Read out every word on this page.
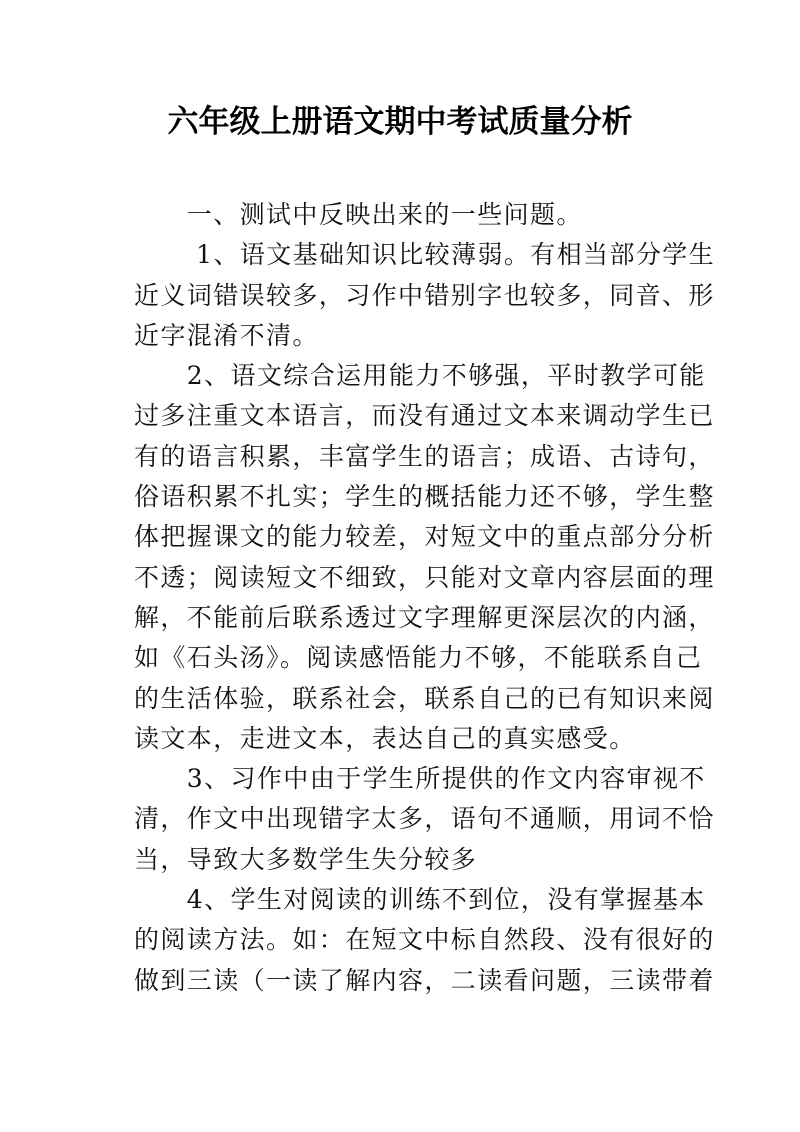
六年级上册语文期中考试质量分析
　　一、测试中反映出来的一些问题。
　　 1、语文基础知识比较薄弱。有相当部分学生
近义词错误较多，习作中错别字也较多，同音、形
近字混淆不清。
　　2、语文综合运用能力不够强，平时教学可能
过多注重文本语言，而没有通过文本来调动学生已
有的语言积累，丰富学生的语言；成语、古诗句，
俗语积累不扎实；学生的概括能力还不够，学生整
体把握课文的能力较差，对短文中的重点部分分析
不透；阅读短文不细致，只能对文章内容层面的理
解，不能前后联系透过文字理解更深层次的内涵，
如《石头汤》。阅读感悟能力不够，不能联系自己
的生活体验，联系社会，联系自己的已有知识来阅
读文本，走进文本，表达自己的真实感受。
　　3、习作中由于学生所提供的作文内容审视不
清，作文中出现错字太多，语句不通顺，用词不恰
当，导致大多数学生失分较多
　　4、学生对阅读的训练不到位，没有掌握基本
的阅读方法。如：在短文中标自然段、没有很好的
做到三读（一读了解内容，二读看问题，三读带着
